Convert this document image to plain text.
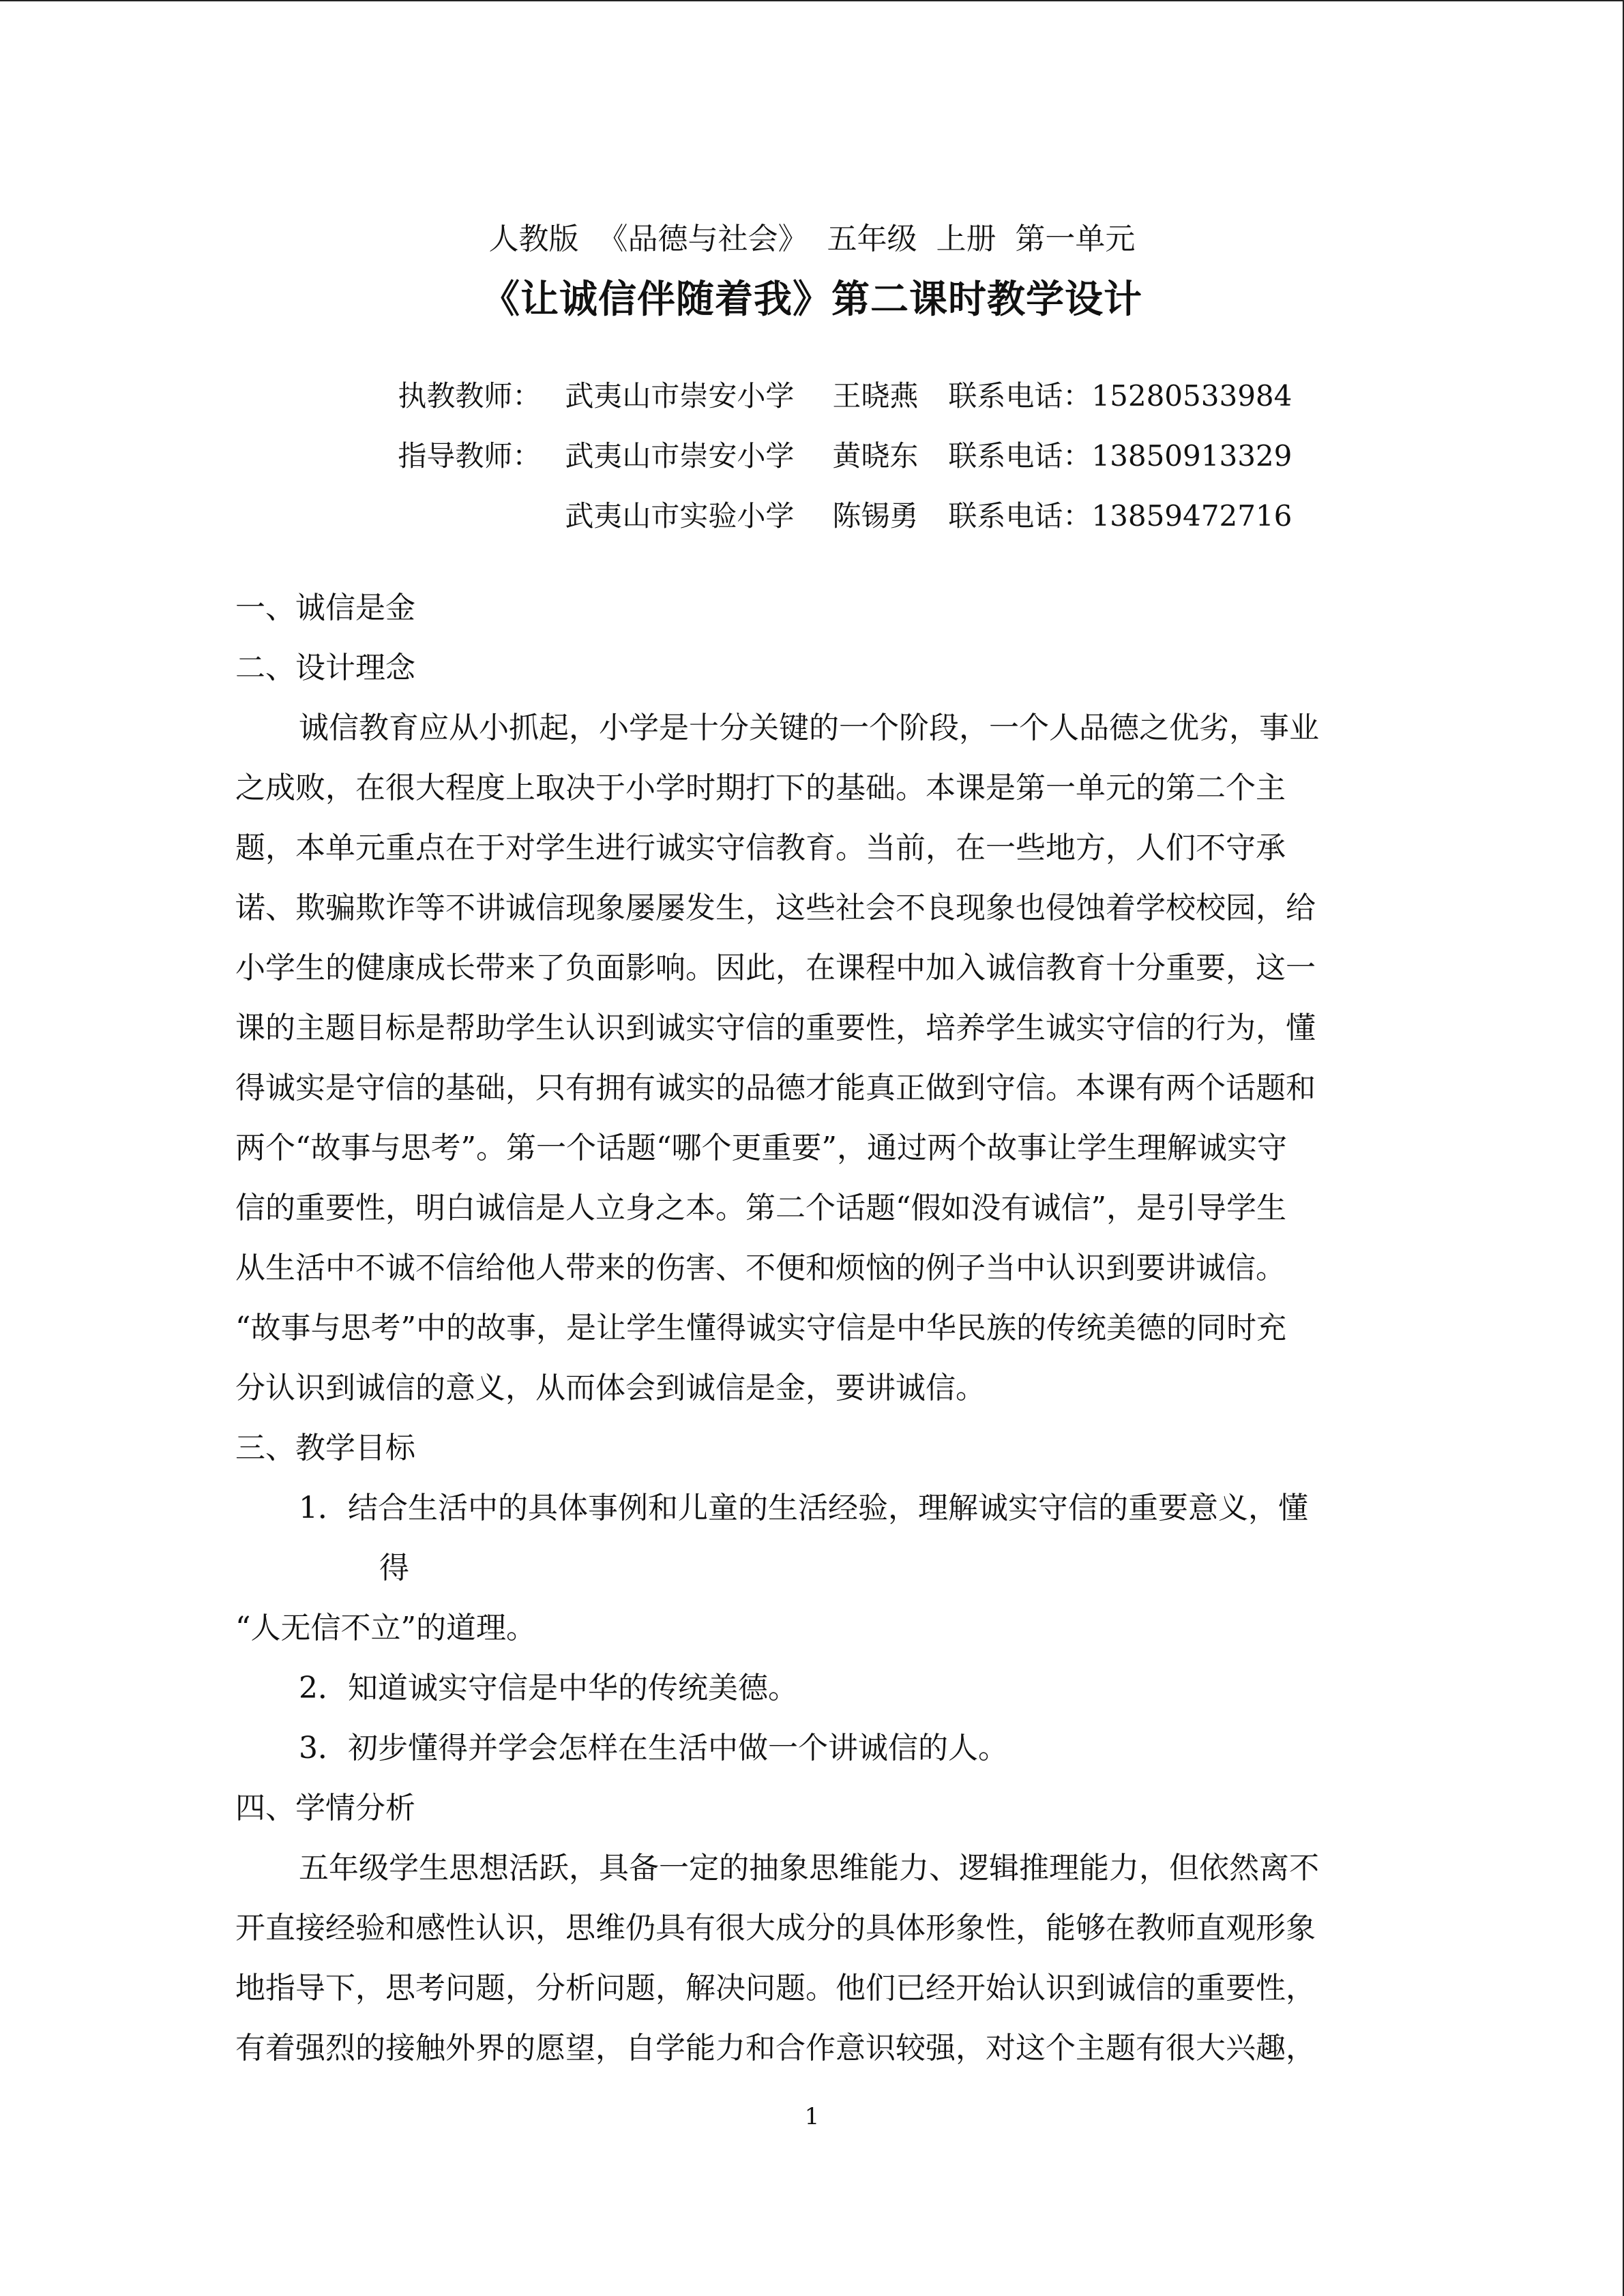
人教版  《品德与社会》  五年级  上册  第一单元
《让诚信伴随着我》第二课时教学设计

执教教师： 武夷山市崇安小学 王晓燕 联系电话：15280533984

指导教师： 武夷山市崇安小学 黄晓东 联系电话：13850913329

武夷山市实验小学 陈锡勇 联系电话：13859472716

一、诚信是金
二、设计理念
诚信教育应从小抓起，小学是十分关键的一个阶段，一个人品德之优劣，事业
之成败，在很大程度上取决于小学时期打下的基础。本课是第一单元的第二个主
题，本单元重点在于对学生进行诚实守信教育。当前，在一些地方，人们不守承
诺、欺骗欺诈等不讲诚信现象屡屡发生，这些社会不良现象也侵蚀着学校校园，给
小学生的健康成长带来了负面影响。因此，在课程中加入诚信教育十分重要，这一
课的主题目标是帮助学生认识到诚实守信的重要性，培养学生诚实守信的行为，懂
得诚实是守信的基础，只有拥有诚实的品德才能真正做到守信。本课有两个话题和
两个“故事与思考”。第一个话题“哪个更重要”，通过两个故事让学生理解诚实守
信的重要性，明白诚信是人立身之本。第二个话题“假如没有诚信”，是引导学生
从生活中不诚不信给他人带来的伤害、不便和烦恼的例子当中认识到要讲诚信。
“故事与思考”中的故事，是让学生懂得诚实守信是中华民族的传统美德的同时充
分认识到诚信的意义，从而体会到诚信是金，要讲诚信。
三、教学目标
1．结合生活中的具体事例和儿童的生活经验，理解诚实守信的重要意义，懂
得
“人无信不立”的道理。
2．知道诚实守信是中华的传统美德。
3．初步懂得并学会怎样在生活中做一个讲诚信的人。
四、学情分析
五年级学生思想活跃，具备一定的抽象思维能力、逻辑推理能力，但依然离不
开直接经验和感性认识，思维仍具有很大成分的具体形象性，能够在教师直观形象
地指导下，思考问题，分析问题，解决问题。他们已经开始认识到诚信的重要性，
有着强烈的接触外界的愿望，自学能力和合作意识较强，对这个主题有很大兴趣，
1
